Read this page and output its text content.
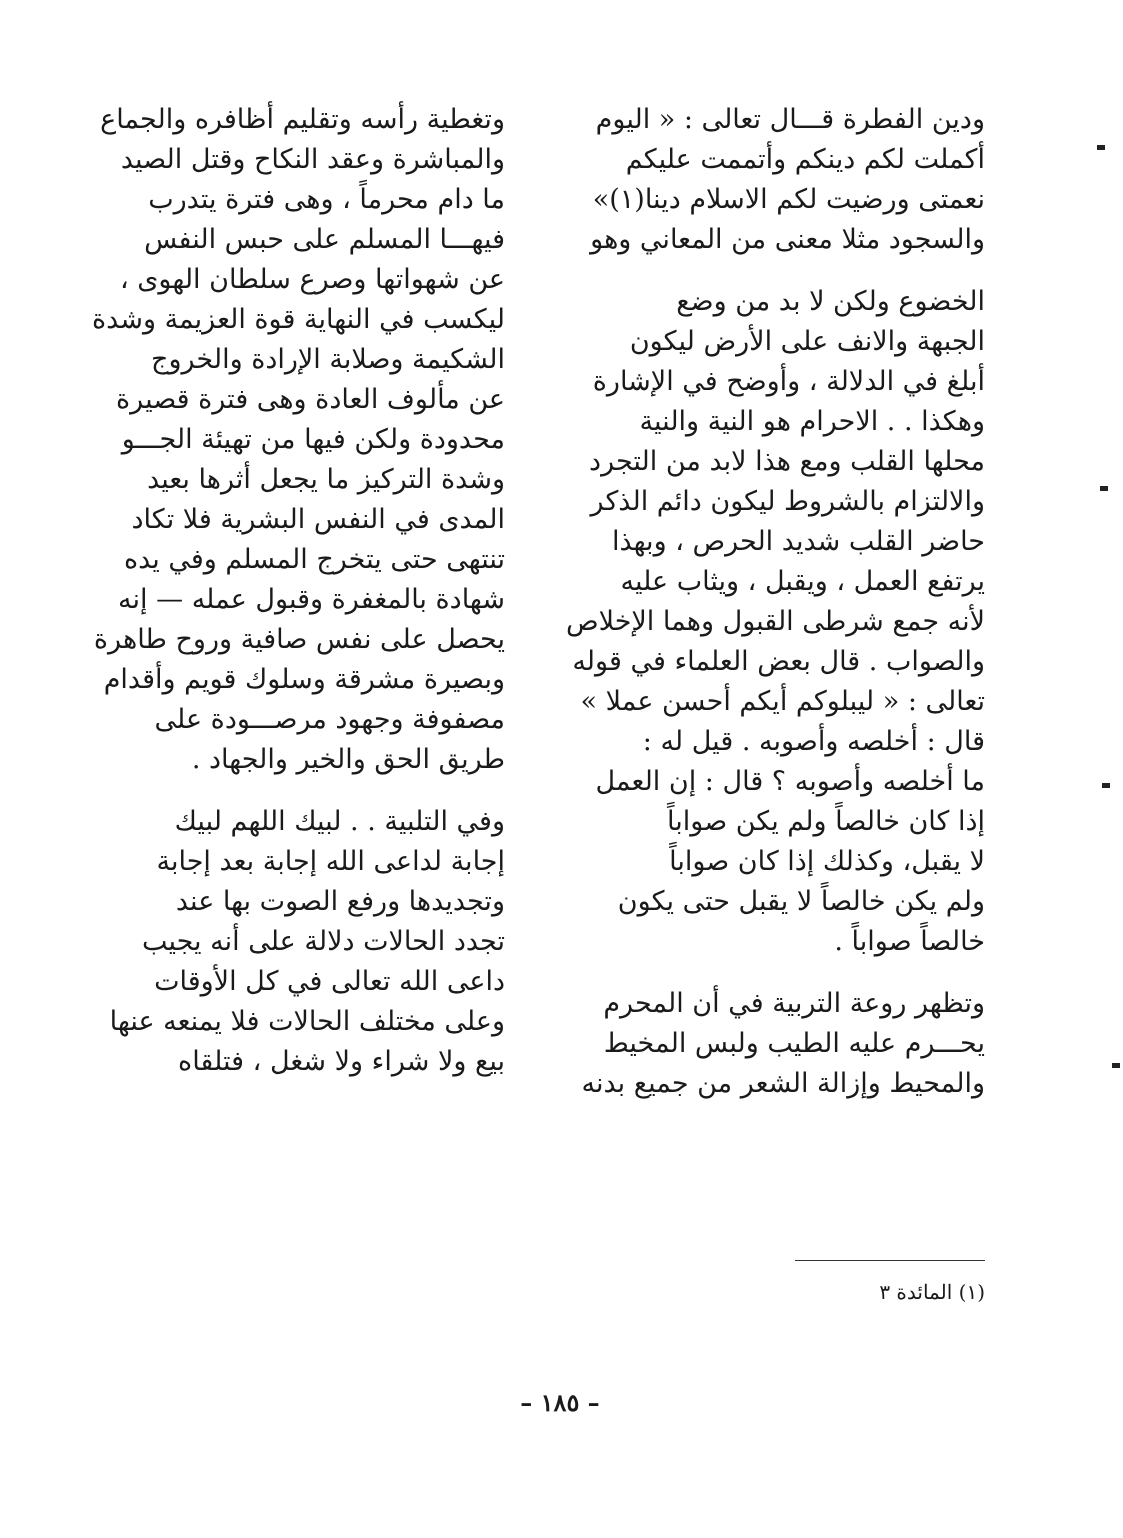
ودين الفطرة قـــال تعالى : « اليوم
أكملت لكم دينكم وأتممت عليكم
نعمتى ورضيت لكم الاسلام دينا(١)»
والسجود مثلا معنى من المعاني وهو
الخضوع ولكن لا بد من وضع
الجبهة والانف على الأرض ليكون
أبلغ في الدلالة ، وأوضح في الإشارة
وهكذا . . الاحرام هو النية والنية
محلها القلب ومع هذا لابد من التجرد
والالتزام بالشروط ليكون دائم الذكر
حاضر القلب شديد الحرص ، وبهذا
يرتفع العمل ، ويقبل ، ويثاب عليه
لأنه جمع شرطى القبول وهما الإخلاص
والصواب . قال بعض العلماء في قوله
تعالى : « ليبلوكم أيكم أحسن عملا »
قال : أخلصه وأصوبه . قيل له :
ما أخلصه وأصوبه ؟ قال : إن العمل
إذا كان خالصاً ولم يكن صواباً
لا يقبل، وكذلك إذا كان صواباً
ولم يكن خالصاً لا يقبل حتى يكون
خالصاً صواباً .
وتظهر روعة التربية في أن المحرم
يحـــرم عليه الطيب ولبس المخيط
والمحيط وإزالة الشعر من جميع بدنه
وتغطية رأسه وتقليم أظافره والجماع
والمباشرة وعقد النكاح وقتل الصيد
ما دام محرماً ، وهى فترة يتدرب
فيهـــا المسلم على حبس النفس
عن شهواتها وصرع سلطان الهوى ،
ليكسب في النهاية قوة العزيمة وشدة
الشكيمة وصلابة الإرادة والخروج
عن مألوف العادة وهى فترة قصيرة
محدودة ولكن فيها من تهيئة الجـــو
وشدة التركيز ما يجعل أثرها بعيد
المدى في النفس البشرية فلا تكاد
تنتهى حتى يتخرج المسلم وفي يده
شهادة بالمغفرة وقبول عمله — إنه
يحصل على نفس صافية وروح طاهرة
وبصيرة مشرقة وسلوك قويم وأقدام
مصفوفة وجهود مرصـــودة على
طريق الحق والخير والجهاد .
وفي التلبية . . لبيك اللهم لبيك
إجابة لداعى الله إجابة بعد إجابة
وتجديدها ورفع الصوت بها عند
تجدد الحالات دلالة على أنه يجيب
داعى الله تعالى في كل الأوقات
وعلى مختلف الحالات فلا يمنعه عنها
بيع ولا شراء ولا شغل ، فتلقاه
(١) المائدة ٣
– ١٨٥ –
